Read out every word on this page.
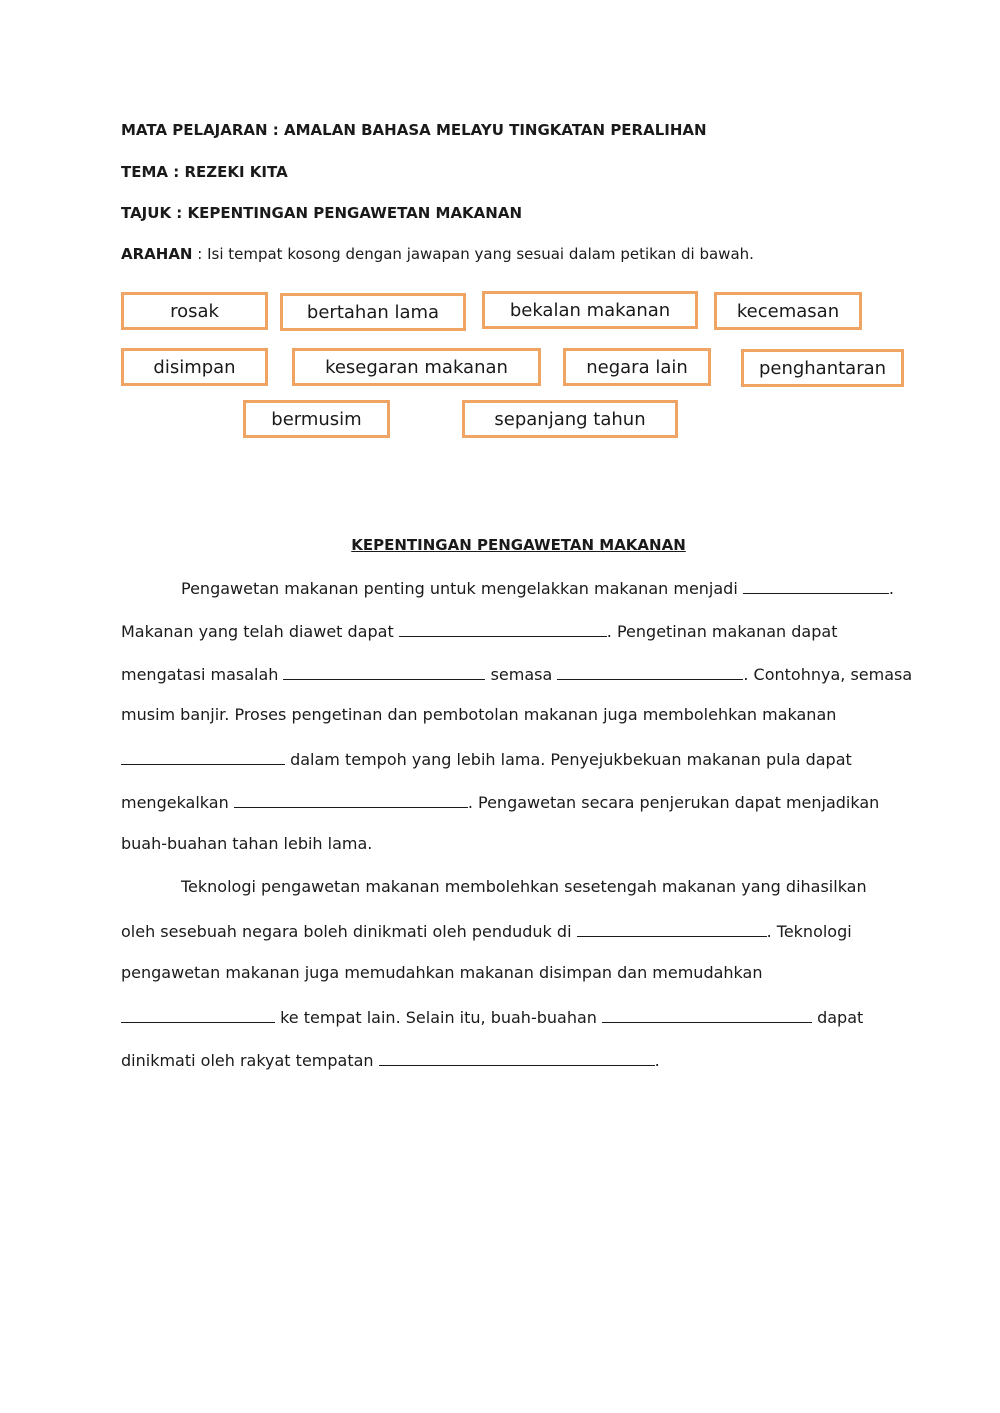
MATA PELAJARAN : AMALAN BAHASA MELAYU TINGKATAN PERALIHAN
TEMA : REZEKI KITA
TAJUK : KEPENTINGAN PENGAWETAN MAKANAN
ARAHAN : Isi tempat kosong dengan jawapan yang sesuai dalam petikan di bawah.
rosak	bertahan lama	bekalan makanan	kecemasan
disimpan	kesegaran makanan	negara lain	penghantaran
bermusim	sepanjang tahun
KEPENTINGAN PENGAWETAN MAKANAN
Pengawetan makanan penting untuk mengelakkan makanan menjadi	.
Makanan yang telah diawet dapat	. Pengetinan makanan dapat
mengatasi masalah	semasa	. Contohnya, semasa
musim banjir. Proses pengetinan dan pembotolan makanan juga membolehkan makanan
dalam tempoh yang lebih lama. Penyejukbekuan makanan pula dapat
mengekalkan	. Pengawetan secara penjerukan dapat menjadikan
buah-buahan tahan lebih lama.
Teknologi pengawetan makanan membolehkan sesetengah makanan yang dihasilkan
oleh sesebuah negara boleh dinikmati oleh penduduk di	. Teknologi
pengawetan makanan juga memudahkan makanan disimpan dan memudahkan
ke tempat lain. Selain itu, buah-buahan	dapat
dinikmati oleh rakyat tempatan	.
